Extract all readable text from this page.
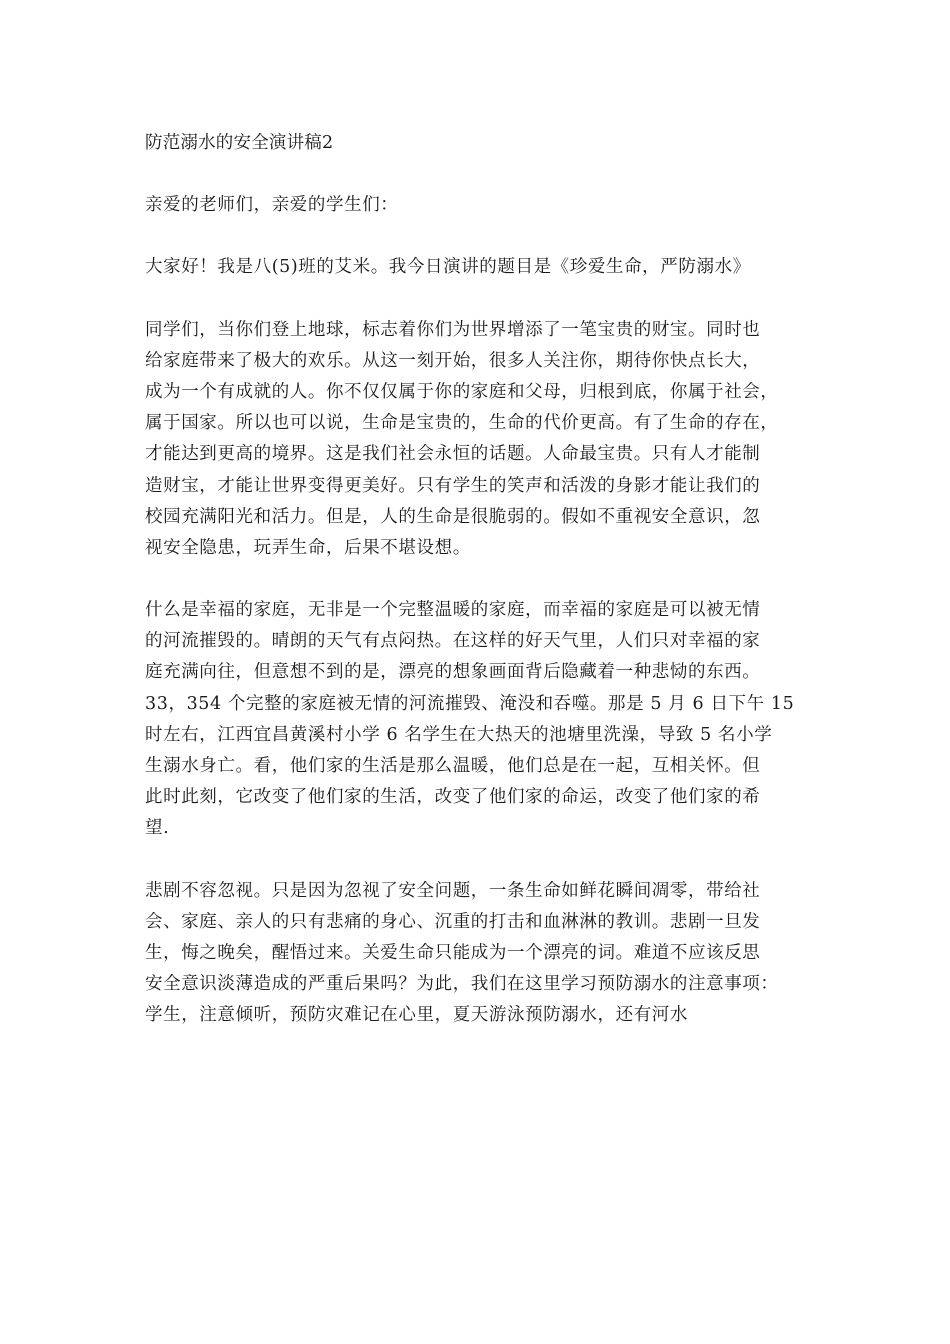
防范溺水的安全演讲稿2
亲爱的老师们，亲爱的学生们：
大家好！我是八(5)班的艾米。我今日演讲的题目是《珍爱生命，严防溺水》
同学们，当你们登上地球，标志着你们为世界增添了一笔宝贵的财宝。同时也
给家庭带来了极大的欢乐。从这一刻开始，很多人关注你，期待你快点长大，
成为一个有成就的人。你不仅仅属于你的家庭和父母，归根到底，你属于社会，
属于国家。所以也可以说，生命是宝贵的，生命的代价更高。有了生命的存在，
才能达到更高的境界。这是我们社会永恒的话题。人命最宝贵。只有人才能制
造财宝，才能让世界变得更美好。只有学生的笑声和活泼的身影才能让我们的
校园充满阳光和活力。但是，人的生命是很脆弱的。假如不重视安全意识，忽
视安全隐患，玩弄生命，后果不堪设想。
什么是幸福的家庭，无非是一个完整温暖的家庭，而幸福的家庭是可以被无情
的河流摧毁的。晴朗的天气有点闷热。在这样的好天气里，人们只对幸福的家
庭充满向往，但意想不到的是，漂亮的想象画面背后隐藏着一种悲恸的东西。
33，354 个完整的家庭被无情的河流摧毁、淹没和吞噬。那是 5 月 6 日下午 15
时左右，江西宜昌黄溪村小学 6 名学生在大热天的池塘里洗澡，导致 5 名小学
生溺水身亡。看，他们家的生活是那么温暖，他们总是在一起，互相关怀。但
此时此刻，它改变了他们家的生活，改变了他们家的命运，改变了他们家的希
望.
悲剧不容忽视。只是因为忽视了安全问题，一条生命如鲜花瞬间凋零，带给社
会、家庭、亲人的只有悲痛的身心、沉重的打击和血淋淋的教训。悲剧一旦发
生，悔之晚矣，醒悟过来。关爱生命只能成为一个漂亮的词。难道不应该反思
安全意识淡薄造成的严重后果吗？为此，我们在这里学习预防溺水的注意事项：
学生，注意倾听，预防灾难记在心里，夏天游泳预防溺水，还有河水
